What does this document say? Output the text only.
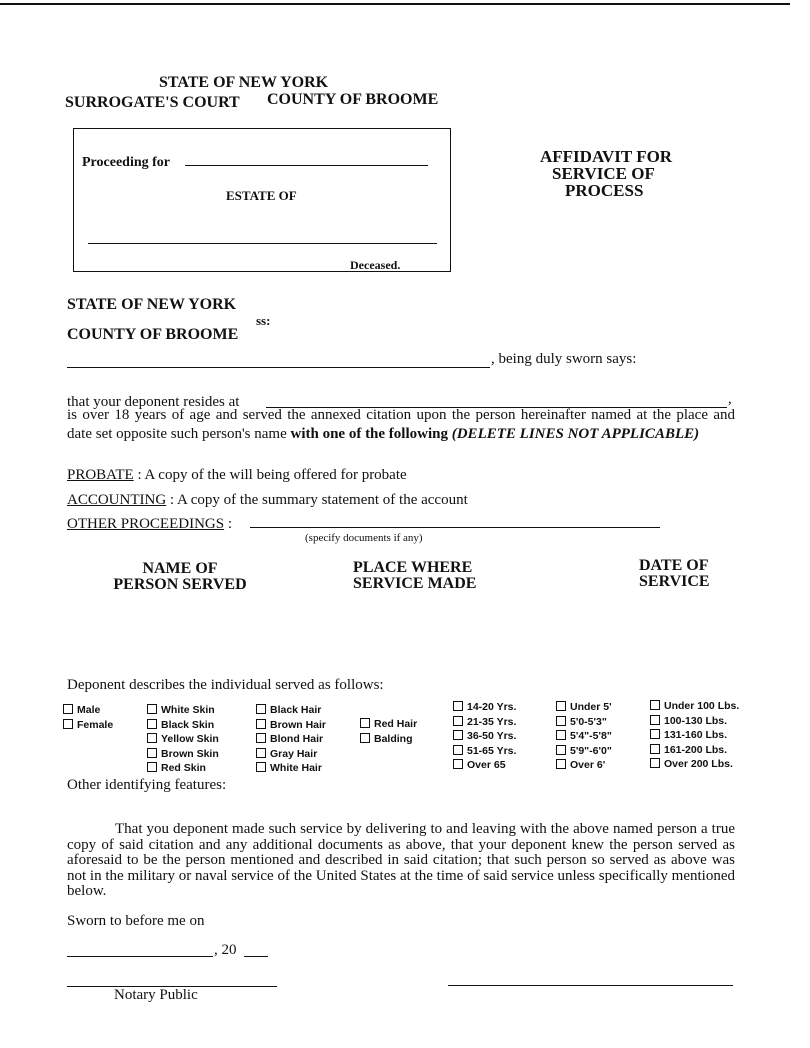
STATE OF NEW YORK
SURROGATE'S COURT COUNTY OF BROOME
Proceeding for
ESTATE OF
Deceased.
AFFIDAVIT FOR
SERVICE OF
PROCESS
STATE OF NEW YORK
ss:
COUNTY OF BROOME
, being duly sworn says:
that your deponent resides at	,
is over 18 years of age and served the annexed citation upon the person hereinafter named at the place and
date set opposite such person's name with one of the following (DELETE LINES NOT APPLICABLE)
PROBATE : A copy of the will being offered for probate
ACCOUNTING : A copy of the summary statement of the account
OTHER PROCEEDINGS :
(specify documents if any)
NAME OF
PERSON SERVED
PLACE WHERE
SERVICE MADE
DATE OF
SERVICE
Deponent describes the individual served as follows:
Male
Female
White Skin
Black Skin
Yellow Skin
Brown Skin
Red Skin
Black Hair
Brown Hair
Blond Hair
Gray Hair
White Hair
Red Hair
Balding
14-20 Yrs.
21-35 Yrs.
36-50 Yrs.
51-65 Yrs.
Over 65
Under 5'
5'0-5'3"
5'4"-5'8"
5'9"-6'0"
Over 6'
Under 100 Lbs.
100-130 Lbs.
131-160 Lbs.
161-200 Lbs.
Over 200 Lbs.
Other identifying features:
That you deponent made such service by delivering to and leaving with the above named person a true copy of said citation and any additional documents as above, that your deponent knew the person served as aforesaid to be the person mentioned and described in said citation; that such person so served as above was not in the military or naval service of the United States at the time of said service unless specifically mentioned below.
Sworn to before me on
, 20
Notary Public
